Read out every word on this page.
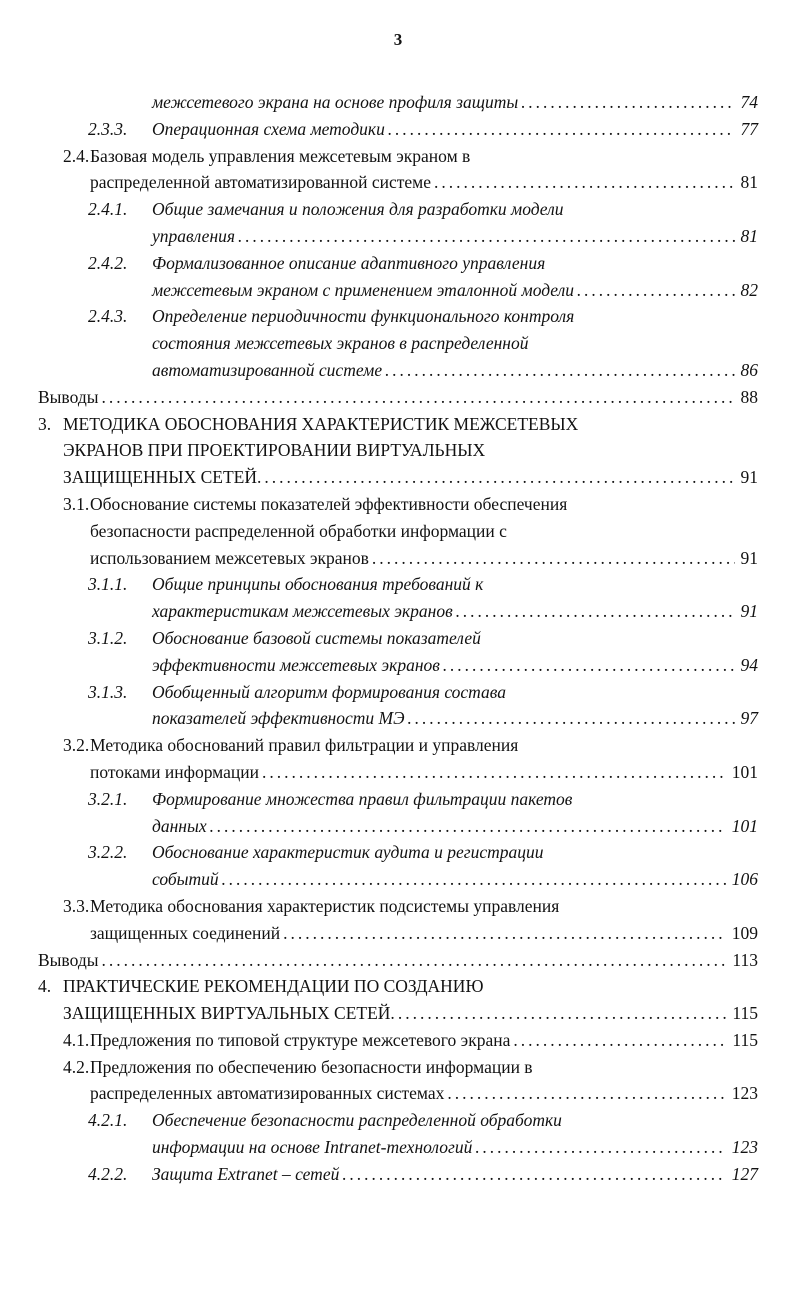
3
межсетевого экрана на основе профиля защиты .....	74
2.3.3. Операционная схема методики .....	77
2.4. Базовая модель управления межсетевым экраном в
распределенной автоматизированной системе .....	81
2.4.1. Общие замечания и положения для разработки модели
управления .....	81
2.4.2. Формализованное описание адаптивного управления
межсетевым экраном с применением эталонной модели .....	82
2.4.3. Определение периодичности функционального контроля
состояния межсетевых экранов в распределенной
автоматизированной системе .....	86
Выводы .....	88
3. МЕТОДИКА ОБОСНОВАНИЯ ХАРАКТЕРИСТИК МЕЖСЕТЕВЫХ
ЭКРАНОВ ПРИ ПРОЕКТИРОВАНИИ ВИРТУАЛЬНЫХ
ЗАЩИЩЕННЫХ СЕТЕЙ. .....	91
3.1. Обоснование системы показателей эффективности обеспечения
безопасности распределенной обработки информации с
использованием межсетевых экранов .....	91
3.1.1. Общие принципы обоснования требований к
характеристикам межсетевых экранов .....	91
3.1.2. Обоснование базовой системы показателей
эффективности межсетевых экранов .....	94
3.1.3. Обобщенный алгоритм формирования состава
показателей эффективности МЭ .....	97
3.2. Методика обоснований правил фильтрации и управления
потоками информации .....	101
3.2.1. Формирование множества правил фильтрации пакетов
данных .....	101
3.2.2. Обоснование характеристик аудита и регистрации
событий .....	106
3.3. Методика обоснования характеристик подсистемы управления
защищенных соединений .....	109
Выводы .....	113
4. ПРАКТИЧЕСКИЕ РЕКОМЕНДАЦИИ ПО СОЗДАНИЮ
ЗАЩИЩЕННЫХ ВИРТУАЛЬНЫХ СЕТЕЙ. .....	115
4.1. Предложения по типовой структуре межсетевого экрана .....	115
4.2. Предложения по обеспечению безопасности информации в
распределенных автоматизированных системах .....	123
4.2.1. Обеспечение безопасности распределенной обработки
информации на основе Intranet-технологий .....	123
4.2.2. Защита Extranet – сетей .....	127
